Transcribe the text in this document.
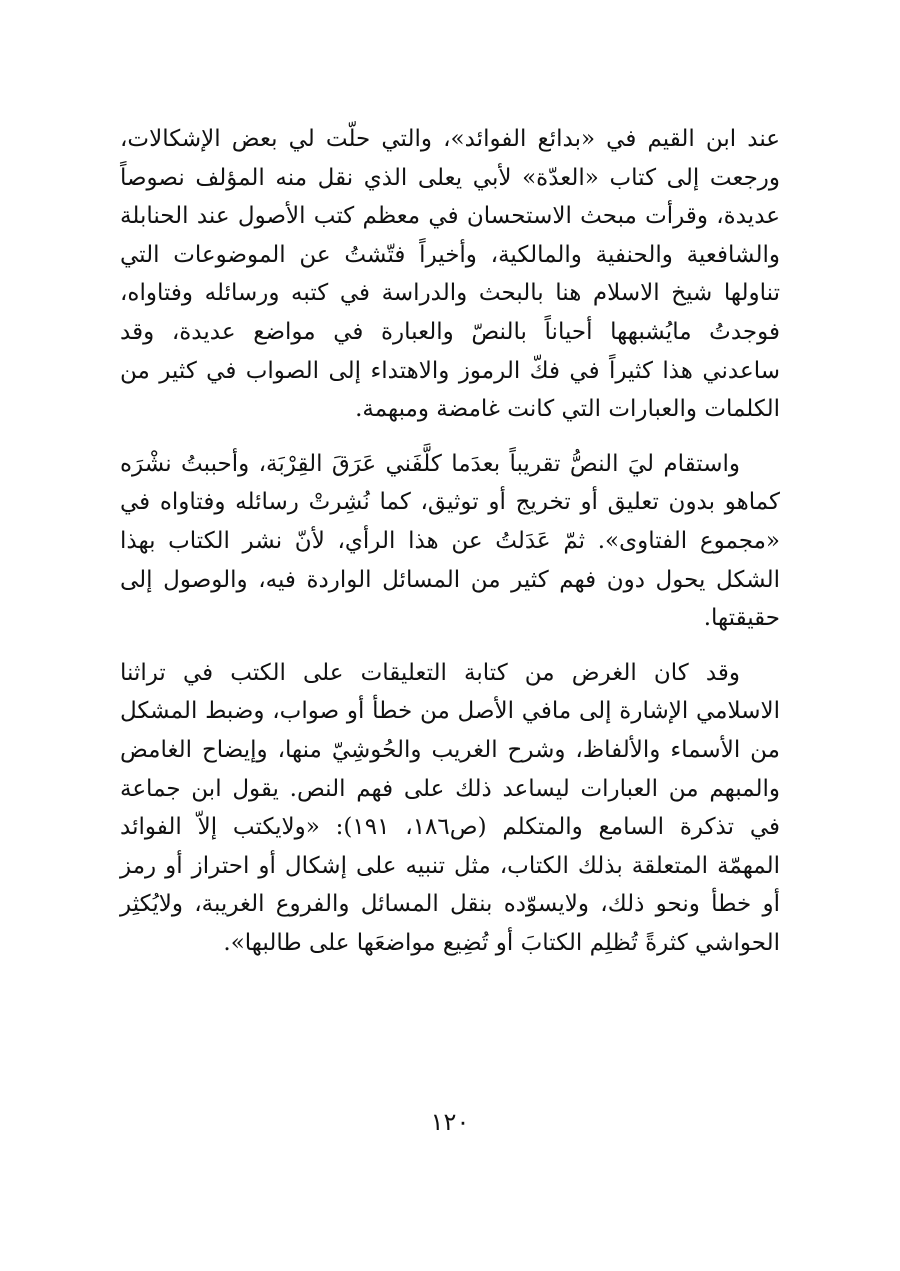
عند ابن القيم في «بدائع الفوائد»، والتي حلّت لي بعض الإشكالات، ورجعت إلى كتاب «العدّة» لأبي يعلى الذي نقل منه المؤلف نصوصاً عديدة، وقرأت مبحث الاستحسان في معظم كتب الأصول عند الحنابلة والشافعية والحنفية والمالكية، وأخيراً فتّشتُ عن الموضوعات التي تناولها شيخ الاسلام هنا بالبحث والدراسة في كتبه ورسائله وفتاواه، فوجدتُ مايُشبهها أحياناً بالنصّ والعبارة في مواضع عديدة، وقد ساعدني هذا كثيراً في فكّ الرموز والاهتداء إلى الصواب في كثير من الكلمات والعبارات التي كانت غامضة ومبهمة.

واستقام ليَ النصُّ تقريباً بعدَما كلَّفَني عَرَقَ القِرْبَة، وأحببتُ نشْرَه كماهو بدون تعليق أو تخريج أو توثيق، كما نُشِرتْ رسائله وفتاواه في «مجموع الفتاوى». ثمّ عَدَلتُ عن هذا الرأي، لأنّ نشر الكتاب بهذا الشكل يحول دون فهم كثير من المسائل الواردة فيه، والوصول إلى حقيقتها.

وقد كان الغرض من كتابة التعليقات على الكتب في تراثنا الاسلامي الإشارة إلى مافي الأصل من خطأ أو صواب، وضبط المشكل من الأسماء والألفاظ، وشرح الغريب والحُوشِيّ منها، وإيضاح الغامض والمبهم من العبارات ليساعد ذلك على فهم النص. يقول ابن جماعة في تذكرة السامع والمتكلم (ص١٨٦، ١٩١): «ولايكتب إلاّ الفوائد المهمّة المتعلقة بذلك الكتاب، مثل تنبيه على إشكال أو احتراز أو رمز أو خطأ ونحو ذلك، ولايسوّده بنقل المسائل والفروع الغريبة، ولايُكثِر الحواشي كثرةً تُظلِم الكتابَ أو تُضِيع مواضعَها على طالبها».

١٢٠
